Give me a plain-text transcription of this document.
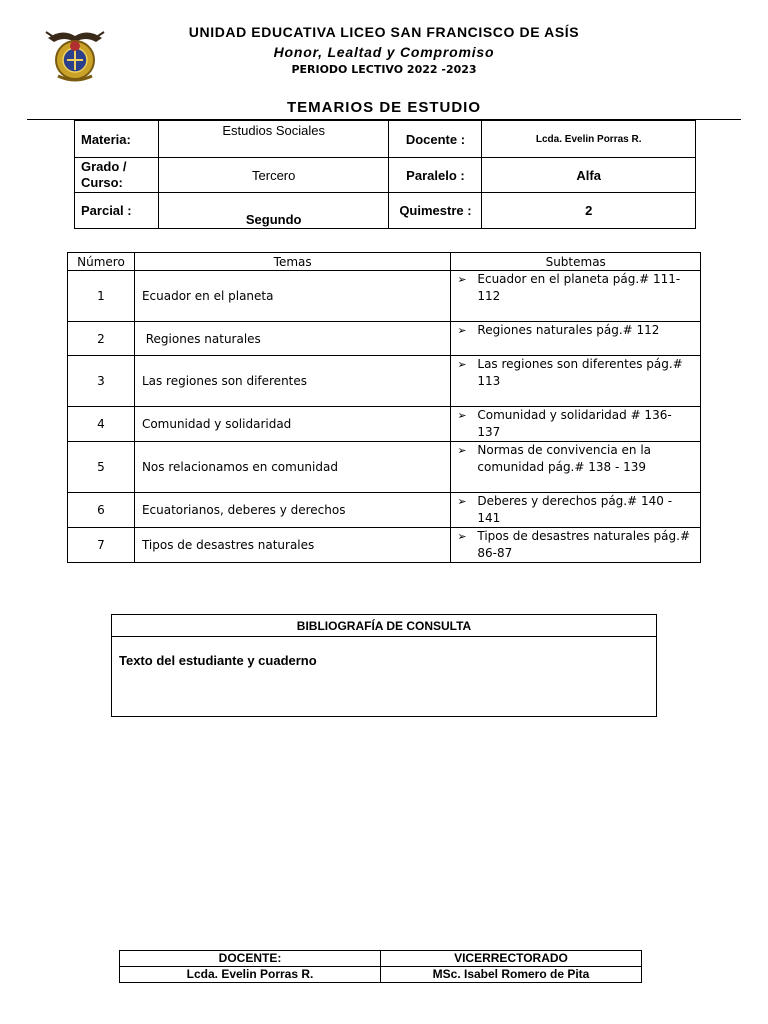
UNIDAD EDUCATIVA LICEO SAN FRANCISCO DE ASÍS
Honor, Lealtad y Compromiso
PERIODO LECTIVO 2022 -2023
TEMARIOS DE ESTUDIO
Materia:	Estudios Sociales	Docente :	Lcda. Evelin Porras R.
Grado / Curso:	Tercero	Paralelo :	Alfa
Parcial :	Segundo	Quimestre :	2
Número	Temas	Subtemas
1	Ecuador en el planeta	➢ Ecuador en el planeta pág.# 111- 112

2	Regiones naturales	➢ Regiones naturales pág.# 112

3	Las regiones son diferentes	➢ Las regiones son diferentes pág.# 113

4	Comunidad y solidaridad	➢ Comunidad y solidaridad # 136- 137

5	Nos relacionamos en comunidad	➢ Normas de convivencia en la comunidad pág.# 138 - 139

6	Ecuatorianos, deberes y derechos	➢ Deberes y derechos pág.# 140 - 141

7	Tipos de desastres naturales	➢ Tipos de desastres naturales pág.# 86-87
BIBLIOGRAFÍA DE CONSULTA
Texto del estudiante y cuaderno
DOCENTE:	VICERRECTORADO
Lcda. Evelin Porras R.	MSc. Isabel Romero de Pita
